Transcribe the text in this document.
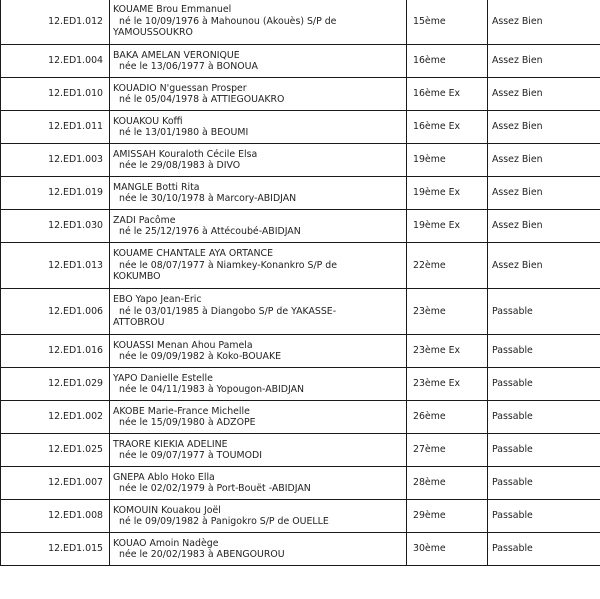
12.ED1.012	KOUAME Brou Emmanuel
né le 10/09/1976 à Mahounou (Akouès) S/P de
YAMOUSSOUKRO	15ème	Assez Bien
12.ED1.004	BAKA AMELAN VERONIQUE
née le 13/06/1977 à BONOUA	16ème	Assez Bien
12.ED1.010	KOUADIO N'guessan Prosper
né le 05/04/1978 à ATTIEGOUAKRO	16ème Ex	Assez Bien
12.ED1.011	KOUAKOU Koffi
né le 13/01/1980 à BEOUMI	16ème Ex	Assez Bien
12.ED1.003	AMISSAH Kouraloth Cécile Elsa
née le 29/08/1983 à DIVO	19ème	Assez Bien
12.ED1.019	MANGLE Botti Rita
née le 30/10/1978 à Marcory-ABIDJAN	19ème Ex	Assez Bien
12.ED1.030	ZADI Pacôme
né le 25/12/1976 à Attécoubé-ABIDJAN	19ème Ex	Assez Bien
12.ED1.013	KOUAME CHANTALE AYA ORTANCE
née le 08/07/1977 à Niamkey-Konankro S/P de
KOKUMBO	22ème	Assez Bien
12.ED1.006	EBO Yapo Jean-Eric
né le 03/01/1985 à Diangobo S/P de YAKASSE-
ATTOBROU	23ème	Passable
12.ED1.016	KOUASSI Menan Ahou Pamela
née le 09/09/1982 à Koko-BOUAKE	23ème Ex	Passable
12.ED1.029	YAPO Danielle Estelle
née le 04/11/1983 à Yopougon-ABIDJAN	23ème Ex	Passable
12.ED1.002	AKOBE Marie-France Michelle
née le 15/09/1980 à ADZOPE	26ème	Passable
12.ED1.025	TRAORE KIEKIA ADELINE
née le 09/07/1977 à TOUMODI	27ème	Passable
12.ED1.007	GNEPA Ablo Hoko Ella
née le 02/02/1979 à Port-Bouët -ABIDJAN	28ème	Passable
12.ED1.008	KOMOUIN Kouakou Joël
né le 09/09/1982 à Panigokro S/P de OUELLE	29ème	Passable
12.ED1.015	KOUAO Amoin Nadège
née le 20/02/1983 à ABENGOUROU	30ème	Passable
